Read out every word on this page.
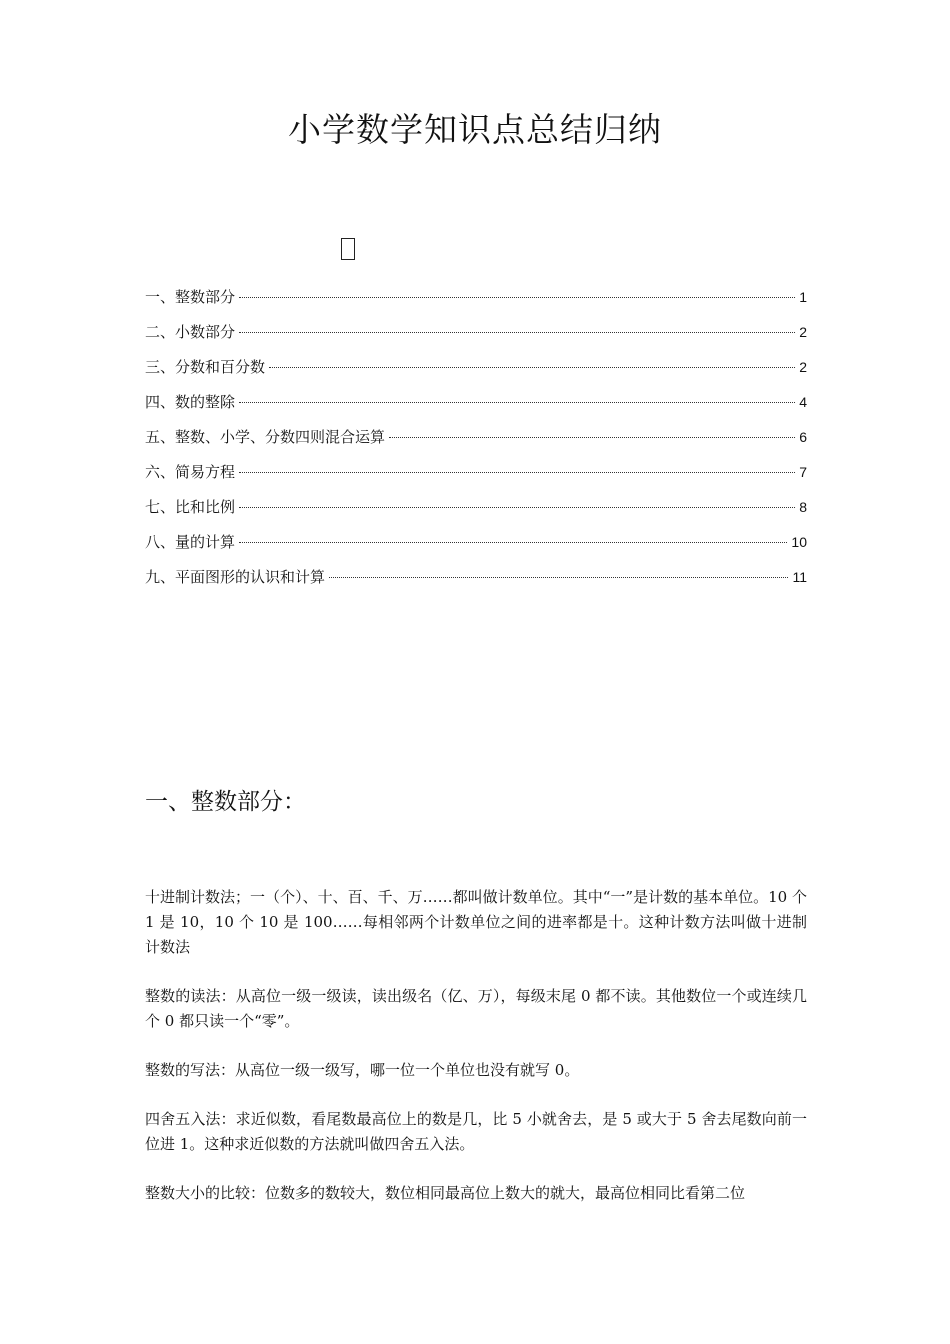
小学数学知识点总结归纳
一、整数部分	1
二、小数部分	2
三、分数和百分数	2
四、数的整除	4
五、整数、小学、分数四则混合运算	6
六、简易方程	7
七、比和比例	8
八、量的计算	10
九、平面图形的认识和计算	11
一、整数部分：

十进制计数法；一（个）、十、百、千、万……都叫做计数单位。其中“一”是计数的基本单位。10 个 1 是 10，10 个 10 是 100……每相邻两个计数单位之间的进率都是十。这种计数方法叫做十进制计数法

整数的读法：从高位一级一级读，读出级名（亿、万），每级末尾 0 都不读。其他数位一个或连续几个 0 都只读一个“零”。

整数的写法：从高位一级一级写，哪一位一个单位也没有就写 0。

四舍五入法：求近似数，看尾数最高位上的数是几，比 5 小就舍去，是 5 或大于 5 舍去尾数向前一位进 1。这种求近似数的方法就叫做四舍五入法。

整数大小的比较：位数多的数较大，数位相同最高位上数大的就大，最高位相同比看第二位
